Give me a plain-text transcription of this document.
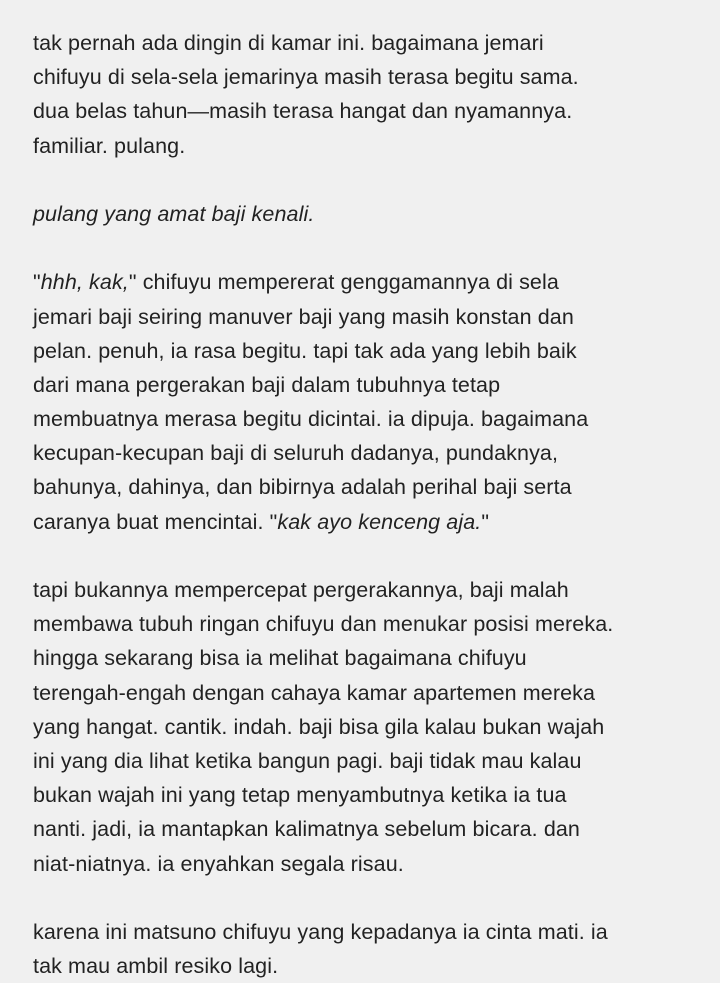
tak pernah ada dingin di kamar ini. bagaimana jemari
chifuyu di sela-sela jemarinya masih terasa begitu sama.
dua belas tahun—masih terasa hangat dan nyamannya.
familiar. pulang.
pulang yang amat baji kenali.
"hhh, kak," chifuyu mempererat genggamannya di sela
jemari baji seiring manuver baji yang masih konstan dan
pelan. penuh, ia rasa begitu. tapi tak ada yang lebih baik
dari mana pergerakan baji dalam tubuhnya tetap
membuatnya merasa begitu dicintai. ia dipuja. bagaimana
kecupan-kecupan baji di seluruh dadanya, pundaknya,
bahunya, dahinya, dan bibirnya adalah perihal baji serta
caranya buat mencintai. "kak ayo kenceng aja."
tapi bukannya mempercepat pergerakannya, baji malah
membawa tubuh ringan chifuyu dan menukar posisi mereka.
hingga sekarang bisa ia melihat bagaimana chifuyu
terengah-engah dengan cahaya kamar apartemen mereka
yang hangat. cantik. indah. baji bisa gila kalau bukan wajah
ini yang dia lihat ketika bangun pagi. baji tidak mau kalau
bukan wajah ini yang tetap menyambutnya ketika ia tua
nanti. jadi, ia mantapkan kalimatnya sebelum bicara. dan
niat-niatnya. ia enyahkan segala risau.
karena ini matsuno chifuyu yang kepadanya ia cinta mati. ia
tak mau ambil resiko lagi.
